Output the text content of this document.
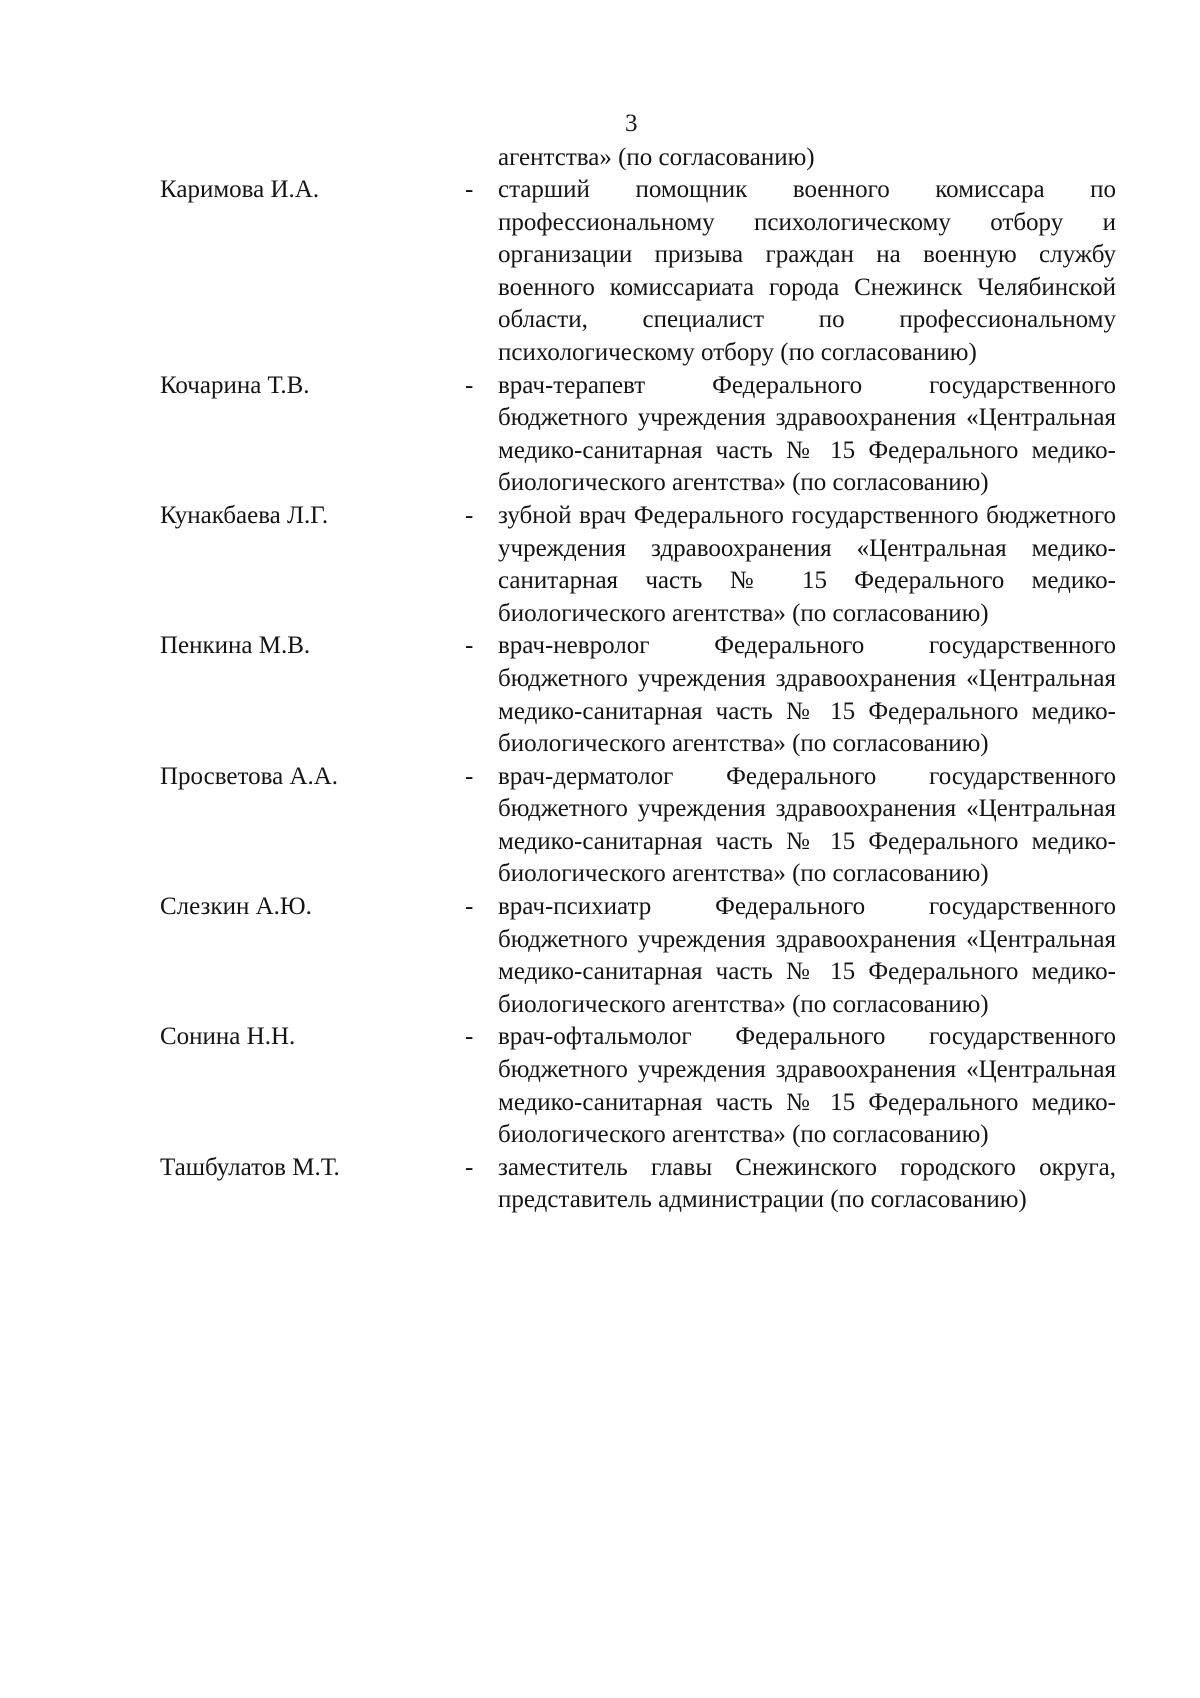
3

агентства» (по согласованию)

Каримова И.А.	- старший помощник военного комиссара по профессиональному психологическому отбору и организации призыва граждан на военную службу военного комиссариата города Снежинск Челябинской области, специалист по профессиональному психологическому отбору (по согласованию)
Кочарина Т.В.	- врач-терапевт Федерального государственного бюджетного учреждения здравоохранения «Центральная медико-санитарная часть № 15 Федерального медико-биологического агентства» (по согласованию)
Кунакбаева Л.Г.	- зубной врач Федерального государственного бюджетного учреждения здравоохранения «Центральная медико-санитарная часть № 15 Федерального медико-биологического агентства» (по согласованию)
Пенкина М.В.	- врач-невролог Федерального государственного бюджетного учреждения здравоохранения «Центральная медико-санитарная часть № 15 Федерального медико-биологического агентства» (по согласованию)
Просветова А.А.	- врач-дерматолог Федерального государственного бюджетного учреждения здравоохранения «Центральная медико-санитарная часть № 15 Федерального медико-биологического агентства» (по согласованию)
Слезкин А.Ю.	- врач-психиатр Федерального государственного бюджетного учреждения здравоохранения «Центральная медико-санитарная часть № 15 Федерального медико-биологического агентства» (по согласованию)
Сонина Н.Н.	- врач-офтальмолог Федерального государственного бюджетного учреждения здравоохранения «Центральная медико-санитарная часть № 15 Федерального медико-биологического агентства» (по согласованию)
Ташбулатов М.Т.	- заместитель главы Снежинского городского округа, представитель администрации (по согласованию)
